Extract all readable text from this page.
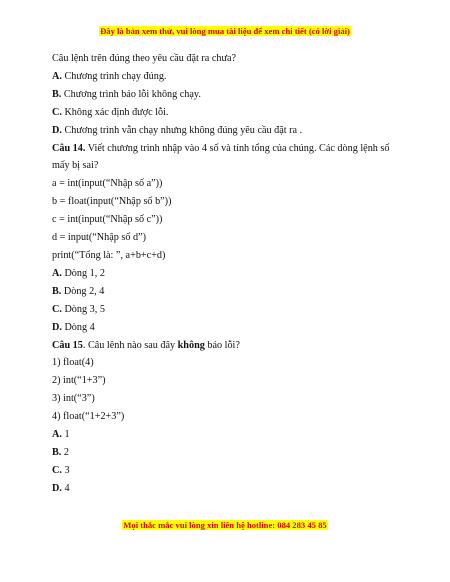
Đây là bản xem thử, vui lòng mua tài liệu để xem chi tiết (có lời giải)
Câu lệnh trên đúng theo yêu cầu đặt ra chưa?
A. Chương trình chạy đúng.
B. Chương trình báo lỗi không chạy.
C. Không xác định được lỗi.
D. Chương trình vẫn chạy nhưng không đúng yêu cầu đặt ra .
Câu 14. Viết chương trình nhập vào 4 số và tính tổng của chúng. Các dòng lệnh số mấy bị sai?
a = int(input(“Nhập số a”))
b = float(input(“Nhập số b”))
c = int(input(“Nhập số c”))
d = input(“Nhập số d”)
print(“Tổng là: ”, a+b+c+d)
A. Dòng 1, 2
B. Dòng 2, 4
C. Dòng 3, 5
D. Dòng 4
Câu 15. Câu lênh nào sau đây không báo lỗi?
1) float(4)
2) int(“1+3”)
3) int(“3”)
4) float(“1+2+3”)
A. 1
B. 2
C. 3
D. 4
Mọi thắc mắc vui lòng xin liên hệ hotline: 084 283 45 85
